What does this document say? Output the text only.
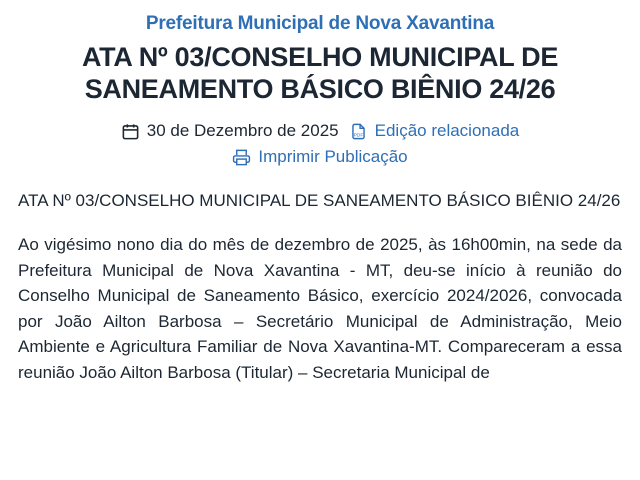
Prefeitura Municipal de Nova Xavantina
ATA Nº 03/CONSELHO MUNICIPAL DE SANEAMENTO BÁSICO BIÊNIO 24/26
30 de Dezembro de 2025 PDF Edição relacionada
Imprimir Publicação
ATA Nº 03/CONSELHO MUNICIPAL DE SANEAMENTO BÁSICO BIÊNIO 24/26
Ao vigésimo nono dia do mês de dezembro de 2025, às 16h00min, na sede da Prefeitura Municipal de Nova Xavantina - MT, deu-se início à reunião do Conselho Municipal de Saneamento Básico, exercício 2024/2026, convocada por João Ailton Barbosa – Secretário Municipal de Administração, Meio Ambiente e Agricultura Familiar de Nova Xavantina-MT. Compareceram a essa reunião João Ailton Barbosa (Titular) – Secretaria Municipal de
